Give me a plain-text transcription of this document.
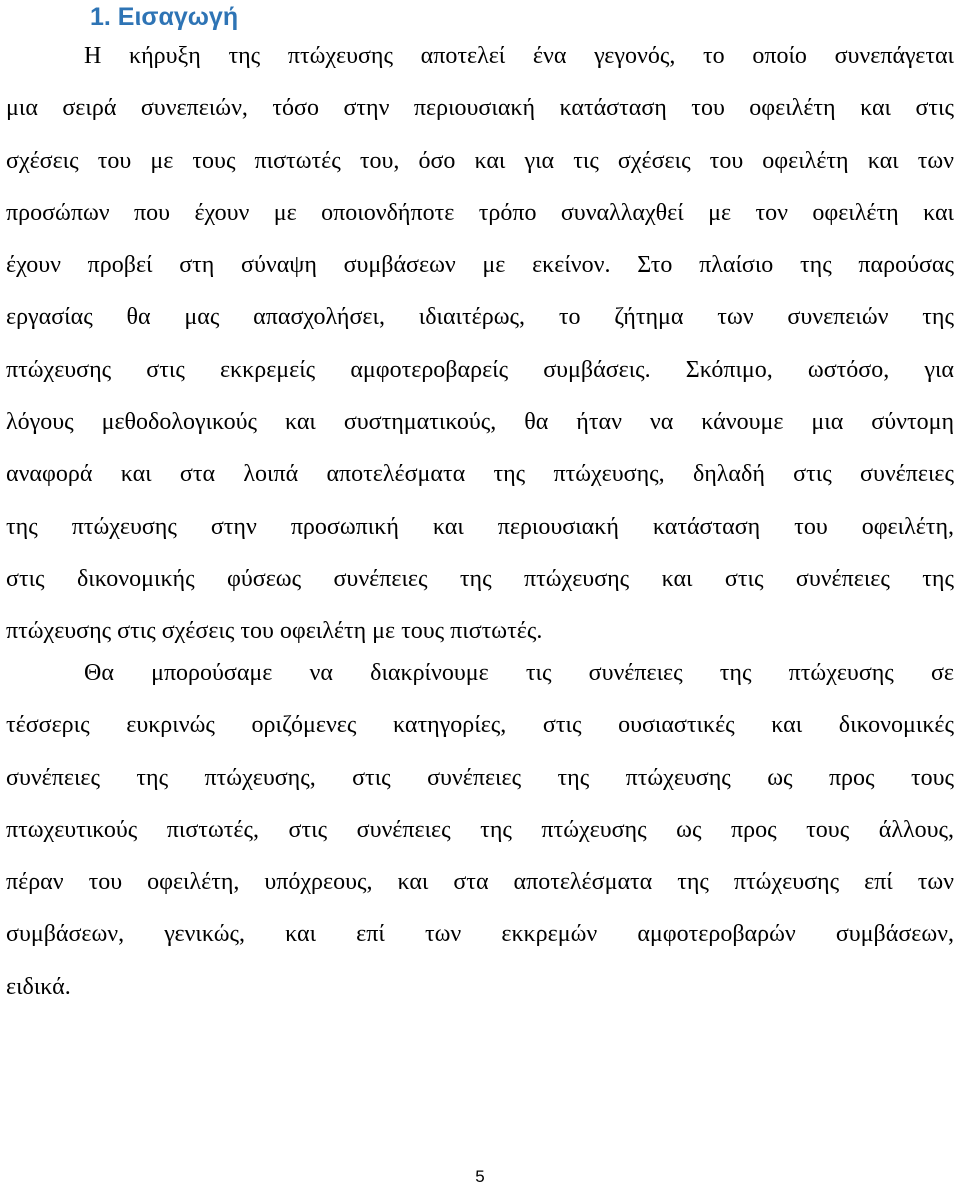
1. Εισαγωγή
Η κήρυξη της πτώχευσης αποτελεί ένα γεγονός, το οποίο συνεπάγεται
μια σειρά συνεπειών, τόσο στην περιουσιακή κατάσταση του οφειλέτη και στις
σχέσεις του με τους πιστωτές του, όσο και για τις σχέσεις του οφειλέτη και των
προσώπων που έχουν με οποιονδήποτε τρόπο συναλλαχθεί με τον οφειλέτη και
έχουν προβεί στη σύναψη συμβάσεων με εκείνον. Στο πλαίσιο της παρούσας
εργασίας θα μας απασχολήσει, ιδιαιτέρως, το ζήτημα των συνεπειών της
πτώχευσης στις εκκρεμείς αμφοτεροβαρείς συμβάσεις. Σκόπιμο, ωστόσο, για
λόγους μεθοδολογικούς και συστηματικούς, θα ήταν να κάνουμε μια σύντομη
αναφορά και στα λοιπά αποτελέσματα της πτώχευσης, δηλαδή στις συνέπειες
της πτώχευσης στην προσωπική και περιουσιακή κατάσταση του οφειλέτη,
στις δικονομικής φύσεως συνέπειες της πτώχευσης και στις συνέπειες της
πτώχευσης στις σχέσεις του οφειλέτη με τους πιστωτές.
Θα μπορούσαμε να διακρίνουμε τις συνέπειες της πτώχευσης σε
τέσσερις ευκρινώς οριζόμενες κατηγορίες, στις ουσιαστικές και δικονομικές
συνέπειες της πτώχευσης, στις συνέπειες της πτώχευσης ως προς τους
πτωχευτικούς πιστωτές, στις συνέπειες της πτώχευσης ως προς τους άλλους,
πέραν του οφειλέτη, υπόχρεους, και στα αποτελέσματα της πτώχευσης επί των
συμβάσεων, γενικώς, και επί των εκκρεμών αμφοτεροβαρών συμβάσεων,
ειδικά.
5
